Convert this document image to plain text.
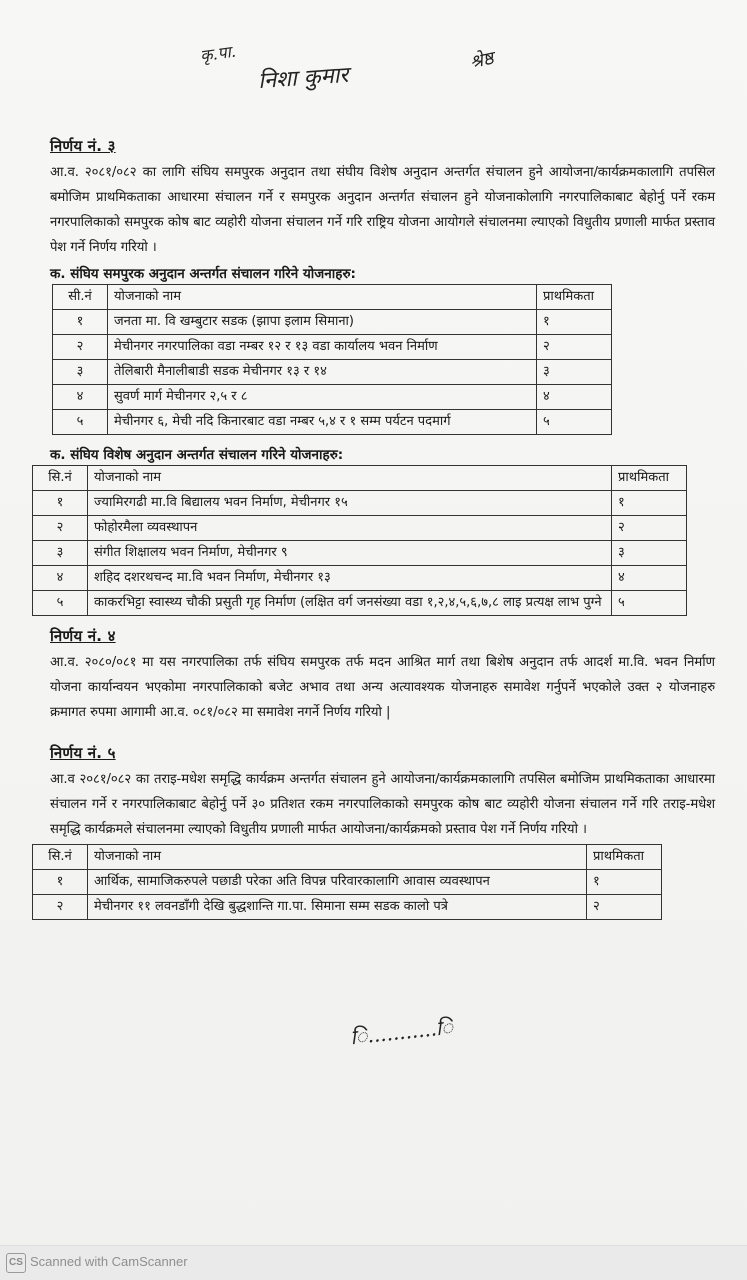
कृ.पा.
निशा कुमार
श्रेष्ठ
निर्णय नं. ३

आ.व. २०८१/०८२ का लागि संघिय समपुरक अनुदान तथा संघीय विशेष अनुदान अन्तर्गत संचालन हुने आयोजना/कार्यक्रमकालागि तपसिल बमोजिम प्राथमिकताका आधारमा संचालन गर्ने र समपुरक अनुदान अन्तर्गत संचालन हुने योजनाकोलागि नगरपालिकाबाट बेहोर्नु पर्ने रकम नगरपालिकाको समपुरक कोष बाट व्यहोरी योजना संचालन गर्ने गरि राष्ट्रिय योजना आयोगले संचालनमा ल्याएको विधुतीय प्रणाली मार्फत प्रस्ताव पेश गर्ने निर्णय गरियो ।

क. संघिय समपुरक अनुदान अन्तर्गत संचालन गरिने योजनाहरु:
सी.नं	योजनाको नाम	प्राथमिकता
१	जनता मा. वि खम्बुटार सडक (झापा इलाम सिमाना)	१
२	मेचीनगर नगरपालिका वडा नम्बर १२ र १३ वडा कार्यालय भवन निर्माण	२
३	तेलिबारी मैनालीबाडी सडक मेचीनगर १३ र १४	३
४	सुवर्ण मार्ग मेचीनगर २,५ र ८	४
५	मेचीनगर ६, मेची नदि किनारबाट वडा नम्बर ५,४ र १ सम्म पर्यटन पदमार्ग	५
क. संघिय विशेष अनुदान अन्तर्गत संचालन गरिने योजनाहरु:
सि.नं	योजनाको नाम	प्राथमिकता
१	ज्यामिरगढी मा.वि बिद्यालय भवन निर्माण, मेचीनगर १५	१
२	फोहोरमैला व्यवस्थापन	२
३	संगीत शिक्षालय भवन निर्माण, मेचीनगर ९	३
४	शहिद दशरथचन्द मा.वि भवन निर्माण, मेचीनगर १३	४
५	काकरभिट्टा स्वास्थ्य चौकी प्रसुती गृह निर्माण (लक्षित वर्ग जनसंख्या वडा १,२,४,५,६,७,८ लाइ प्रत्यक्ष लाभ पुग्ने	५
निर्णय नं. ४

आ.व. २०८०/०८१ मा यस नगरपालिका तर्फ संघिय समपुरक तर्फ मदन आश्रित मार्ग तथा बिशेष अनुदान तर्फ आदर्श मा.वि. भवन निर्माण योजना कार्यान्वयन भएकोमा नगरपालिकाको बजेट अभाव तथा अन्य अत्यावश्यक योजनाहरु समावेश गर्नुपर्ने भएकोले उक्त २ योजनाहरु क्रमागत रुपमा आगामी आ.व. ०८१/०८२ मा समावेश नगर्ने निर्णय गरियो |

निर्णय नं. ५

आ.व २०८१/०८२ का तराइ-मधेश समृद्धि कार्यक्रम अन्तर्गत संचालन हुने आयोजना/कार्यक्रमकालागि तपसिल बमोजिम प्राथमिकताका आधारमा संचालन गर्ने र नगरपालिकाबाट बेहोर्नु पर्ने ३० प्रतिशत रकम नगरपालिकाको समपुरक कोष बाट व्यहोरी योजना संचालन गर्ने गरि तराइ-मधेश समृद्धि कार्यक्रमले संचालनमा ल्याएको विधुतीय प्रणाली मार्फत आयोजना/कार्यक्रमको प्रस्ताव पेश गर्ने निर्णय गरियो ।

सि.नं	योजनाको नाम	प्राथमिकता
१	आर्थिक, सामाजिकरुपले पछाडी परेका अति विपन्न परिवारकालागि आवास व्यवस्थापन	१
२	मेचीनगर ११ लवनडाँगी देखि बुद्धशान्ति गा.पा. सिमाना सम्म सडक कालो पत्रे	२
ि...........ि
CS Scanned with CamScanner
